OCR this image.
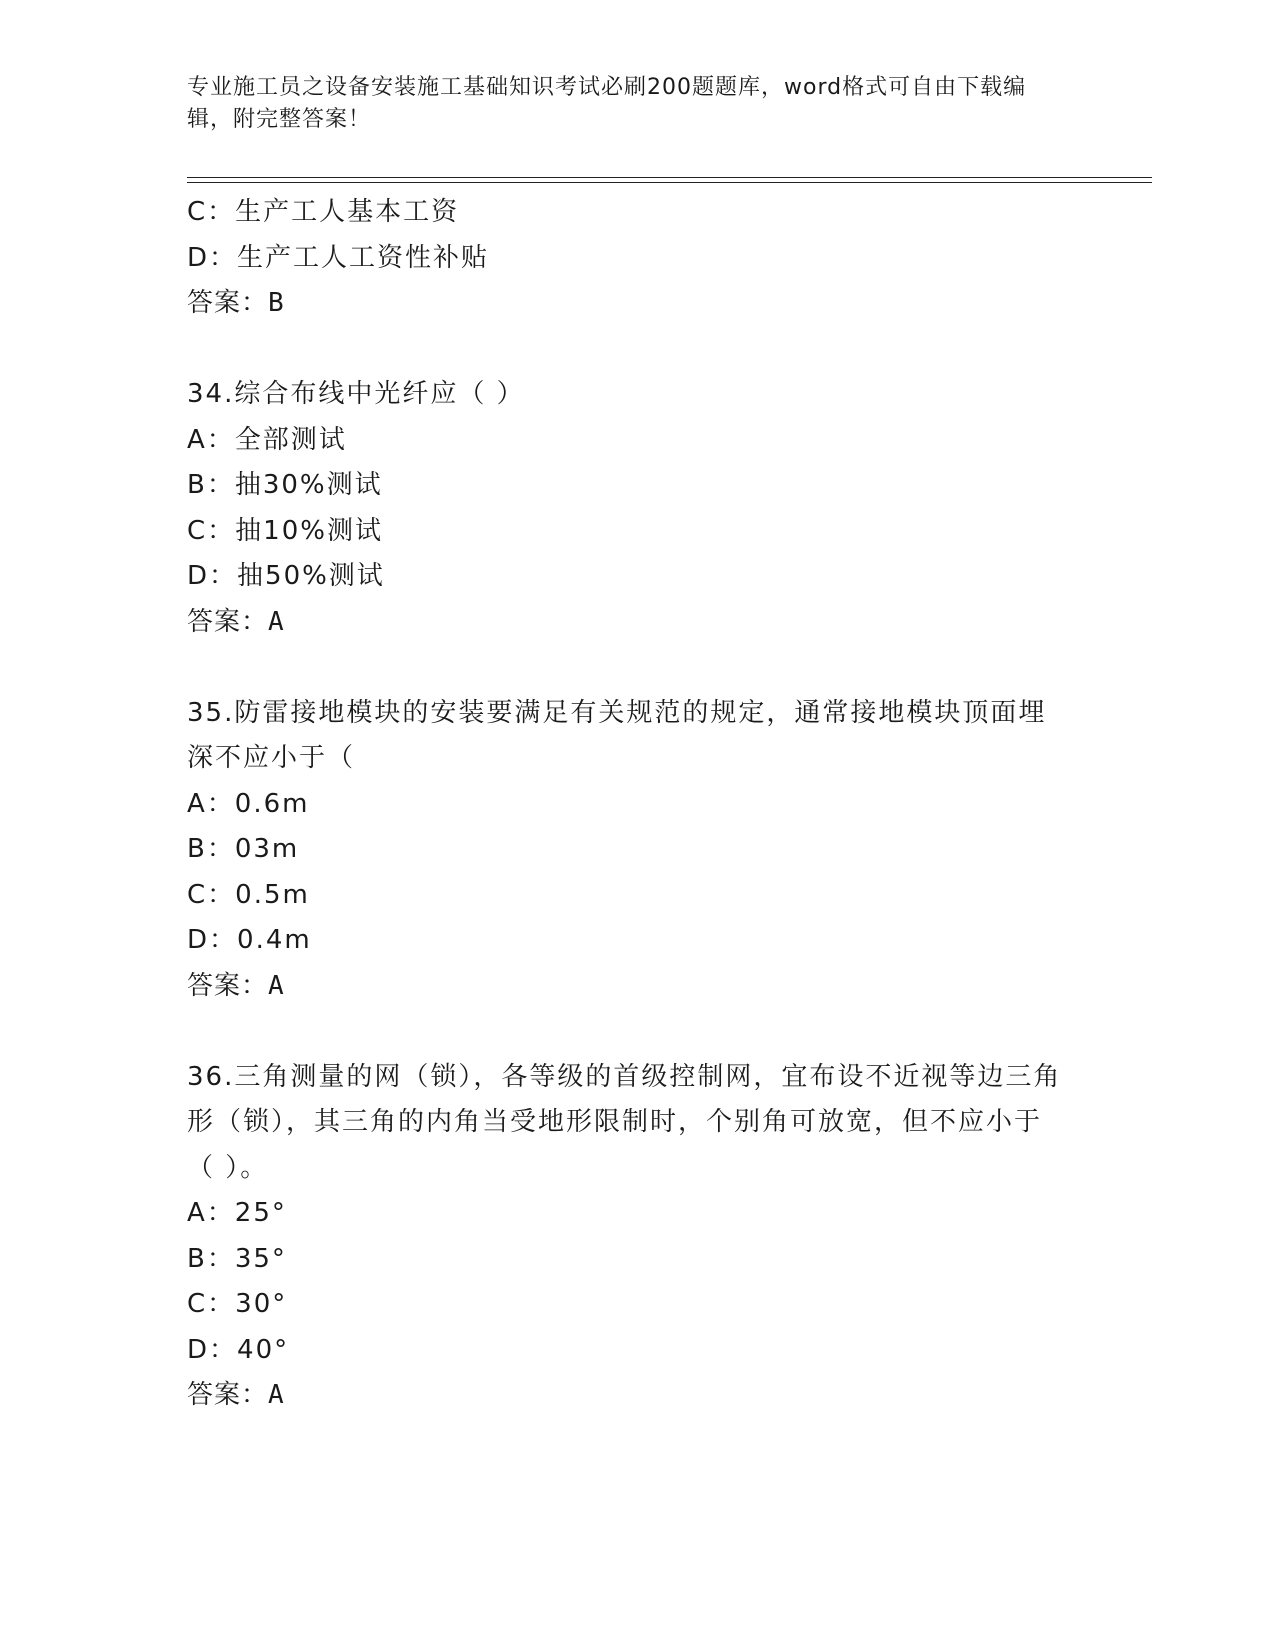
专业施工员之设备安装施工基础知识考试必刷200题题库，word格式可自由下载编辑，附完整答案！
C：生产工人基本工资
D：生产工人工资性补贴
答案：B
34.综合布线中光纤应（ ）
A：全部测试
B：抽30%测试
C：抽10%测试
D：抽50%测试
答案：A
35.防雷接地模块的安装要满足有关规范的规定，通常接地模块顶面埋深不应小于（
A：0.6m
B：03m
C：0.5m
D：0.4m
答案：A
36.三角测量的网（锁），各等级的首级控制网，宜布设不近视等边三角形（锁），其三角的内角当受地形限制时，个别角可放宽，但不应小于（ ）。
A：25°
B：35°
C：30°
D：40°
答案：A
